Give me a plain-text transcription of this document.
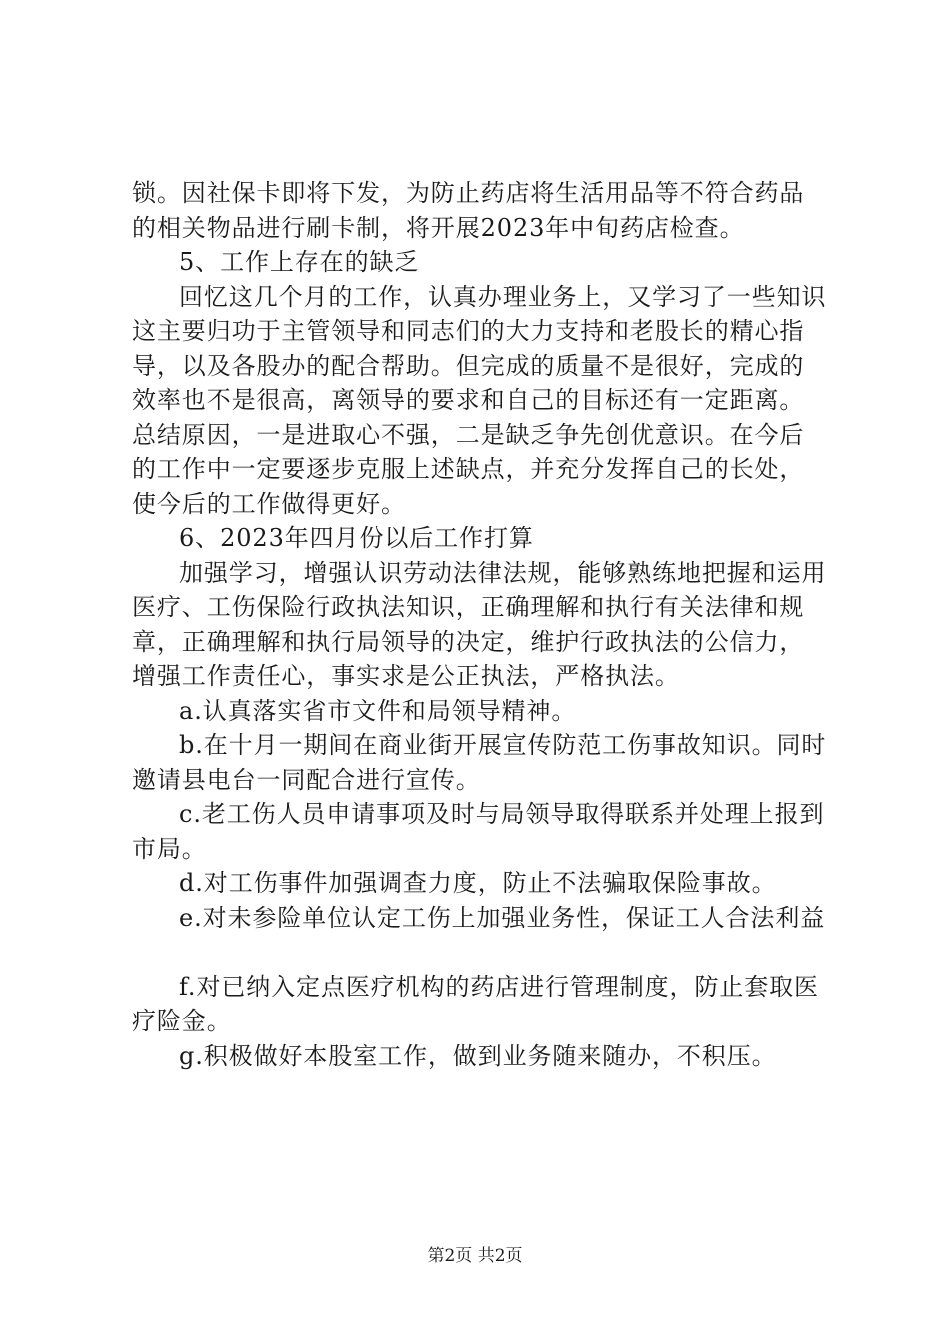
锁。因社保卡即将下发，为防止药店将生活用品等不符合药品
的相关物品进行刷卡制，将开展2023年中旬药店检查。
5、工作上存在的缺乏
回忆这几个月的工作，认真办理业务上，又学习了一些知识
这主要归功于主管领导和同志们的大力支持和老股长的精心指
导，以及各股办的配合帮助。但完成的质量不是很好，完成的
效率也不是很高，离领导的要求和自己的目标还有一定距离。
总结原因，一是进取心不强，二是缺乏争先创优意识。在今后
的工作中一定要逐步克服上述缺点，并充分发挥自己的长处，
使今后的工作做得更好。
6、2023年四月份以后工作打算
加强学习，增强认识劳动法律法规，能够熟练地把握和运用
医疗、工伤保险行政执法知识，正确理解和执行有关法律和规
章，正确理解和执行局领导的决定，维护行政执法的公信力，
增强工作责任心，事实求是公正执法，严格执法。
a.认真落实省市文件和局领导精神。
b.在十月一期间在商业街开展宣传防范工伤事故知识。同时
邀请县电台一同配合进行宣传。
c.老工伤人员申请事项及时与局领导取得联系并处理上报到
市局。
d.对工伤事件加强调查力度，防止不法骗取保险事故。
e.对未参险单位认定工伤上加强业务性，保证工人合法利益
f.对已纳入定点医疗机构的药店进行管理制度，防止套取医
疗险金。
g.积极做好本股室工作，做到业务随来随办，不积压。
第2页 共2页
